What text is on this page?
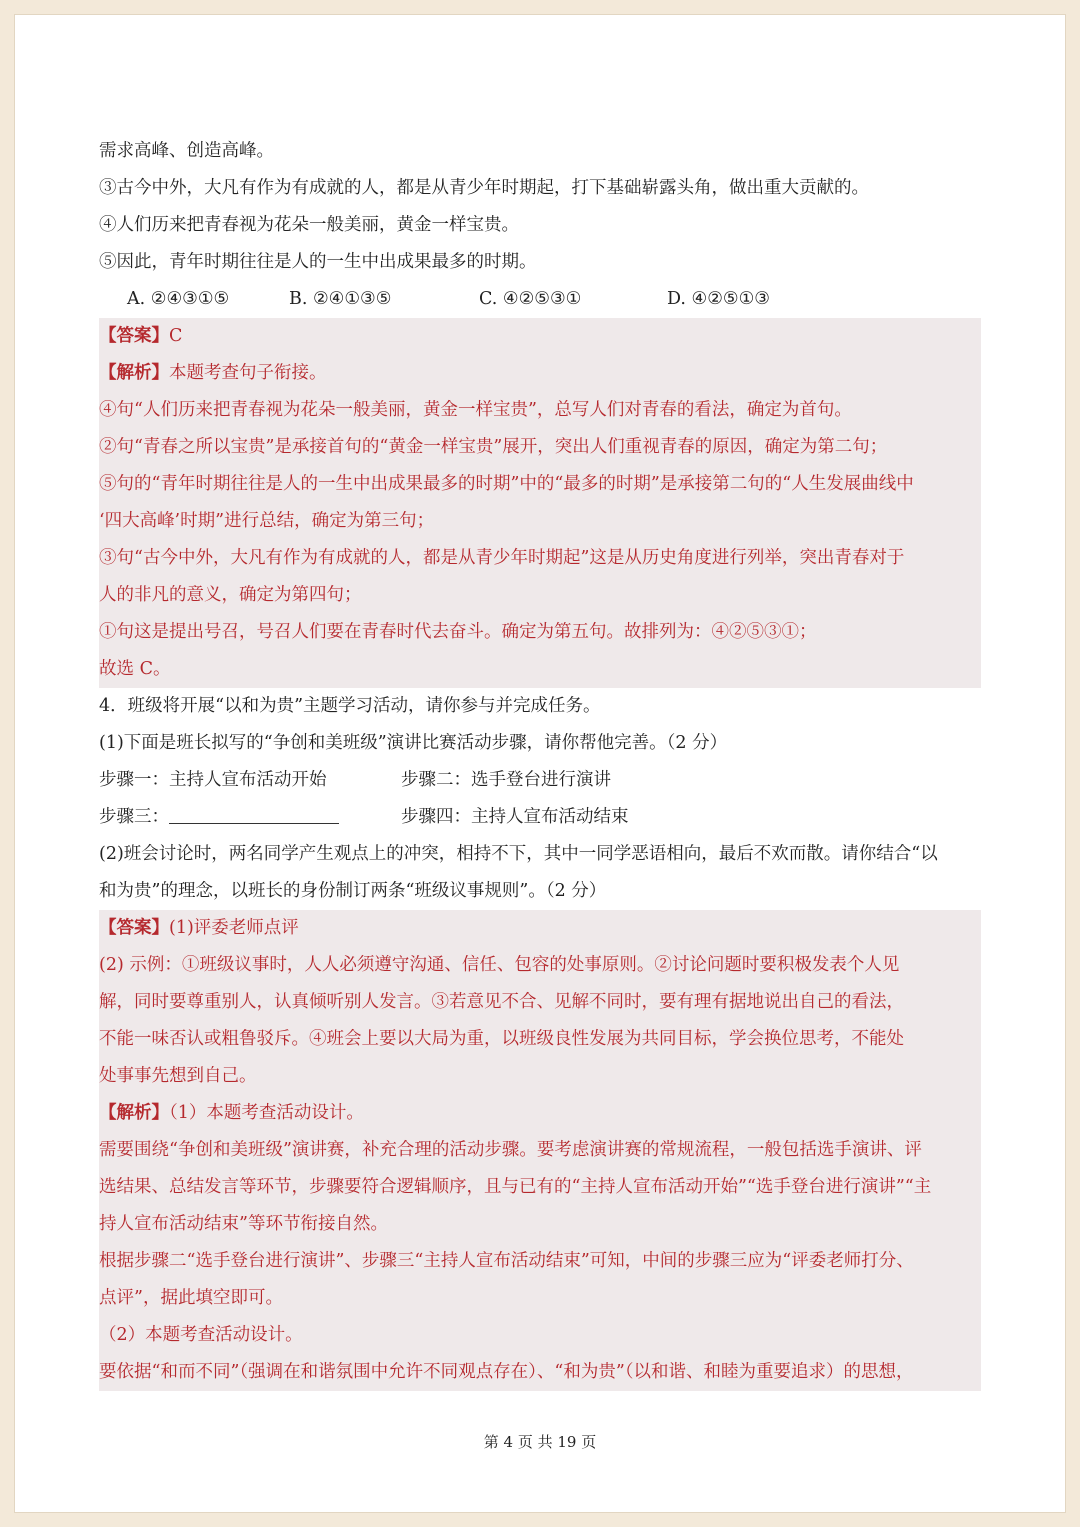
需求高峰、创造高峰。
③古今中外，大凡有作为有成就的人，都是从青少年时期起，打下基础崭露头角，做出重大贡献的。
④人们历来把青春视为花朵一般美丽，黄金一样宝贵。
⑤因此，青年时期往往是人的一生中出成果最多的时期。
A. ②④③①⑤	B. ②④①③⑤	C. ④②⑤③①	D. ④②⑤①③
【答案】C
【解析】本题考查句子衔接。
④句“人们历来把青春视为花朵一般美丽，黄金一样宝贵”，总写人们对青春的看法，确定为首句。
②句“青春之所以宝贵”是承接首句的“黄金一样宝贵”展开，突出人们重视青春的原因，确定为第二句；
⑤句的“青年时期往往是人的一生中出成果最多的时期”中的“最多的时期”是承接第二句的“人生发展曲线中
‘四大高峰’时期”进行总结，确定为第三句；
③句“古今中外，大凡有作为有成就的人，都是从青少年时期起”这是从历史角度进行列举，突出青春对于
人的非凡的意义，确定为第四句；
①句这是提出号召，号召人们要在青春时代去奋斗。确定为第五句。故排列为：④②⑤③①；
故选 C。
4．班级将开展“以和为贵”主题学习活动，请你参与并完成任务。
(1)下面是班长拟写的“争创和美班级”演讲比赛活动步骤，请你帮他完善。（2 分）
步骤一：主持人宣布活动开始	步骤二：选手登台进行演讲
步骤三：	步骤四：主持人宣布活动结束
(2)班会讨论时，两名同学产生观点上的冲突，相持不下，其中一同学恶语相向，最后不欢而散。请你结合“以
和为贵”的理念，以班长的身份制订两条“班级议事规则”。（2 分）
【答案】(1)评委老师点评
(2) 示例：①班级议事时，人人必须遵守沟通、信任、包容的处事原则。②讨论问题时要积极发表个人见
解，同时要尊重别人，认真倾听别人发言。③若意见不合、见解不同时，要有理有据地说出自己的看法，
不能一味否认或粗鲁驳斥。④班会上要以大局为重，以班级良性发展为共同目标，学会换位思考，不能处
处事事先想到自己。
【解析】（1）本题考查活动设计。
需要围绕“争创和美班级”演讲赛，补充合理的活动步骤。要考虑演讲赛的常规流程，一般包括选手演讲、评
选结果、总结发言等环节，步骤要符合逻辑顺序，且与已有的“主持人宣布活动开始”“选手登台进行演讲”“主
持人宣布活动结束”等环节衔接自然。
根据步骤二“选手登台进行演讲”、步骤三“主持人宣布活动结束”可知，中间的步骤三应为“评委老师打分、
点评”，据此填空即可。
（2）本题考查活动设计。
要依据“和而不同”（强调在和谐氛围中允许不同观点存在）、“和为贵”（以和谐、和睦为重要追求）的思想，
第 4 页 共 19 页
